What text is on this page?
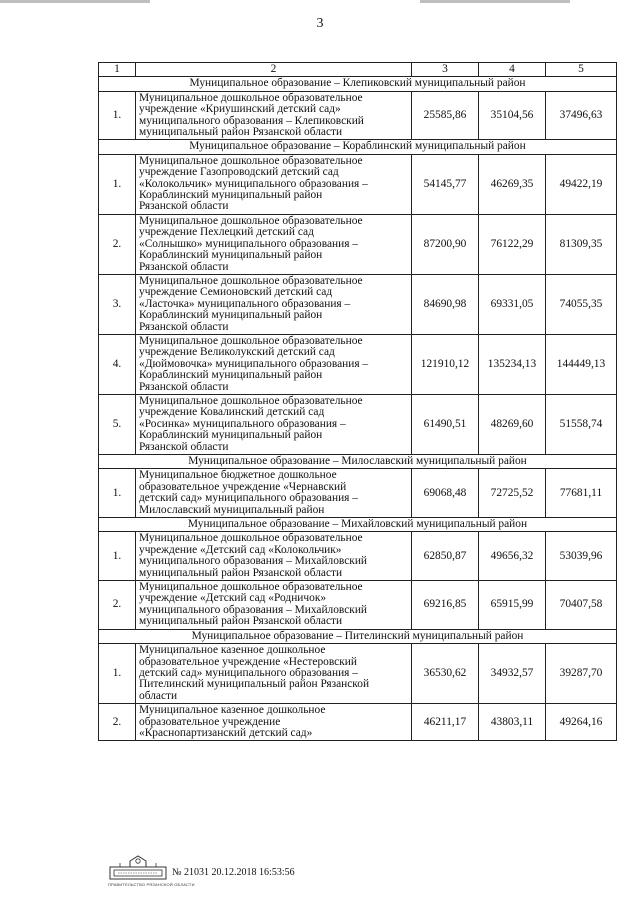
3
1	2	3	4	5
Муниципальное образование – Клепиковский муниципальный район				
1.	Муниципальное дошкольное образовательное
учреждение «Криушинский детский сад»
муниципального образования – Клепиковский
муниципальный район Рязанской области	25585,86	35104,56	37496,63
Муниципальное образование – Кораблинский муниципальный район				
1.	Муниципальное дошкольное образовательное
учреждение Газопроводский детский сад
«Колокольчик» муниципального образования –
Кораблинский муниципальный район
Рязанской области	54145,77	46269,35	49422,19
2.	Муниципальное дошкольное образовательное
учреждение Пехлецкий детский сад
«Солнышко» муниципального образования –
Кораблинский муниципальный район
Рязанской области	87200,90	76122,29	81309,35
3.	Муниципальное дошкольное образовательное
учреждение Семионовский детский сад
«Ласточка» муниципального образования –
Кораблинский муниципальный район
Рязанской области	84690,98	69331,05	74055,35
4.	Муниципальное дошкольное образовательное
учреждение Великолукский детский сад
«Дюймовочка» муниципального образования –
Кораблинский муниципальный район
Рязанской области	121910,12	135234,13	144449,13
5.	Муниципальное дошкольное образовательное
учреждение Ковалинский детский сад
«Росинка» муниципального образования –
Кораблинский муниципальный район
Рязанской области	61490,51	48269,60	51558,74
Муниципальное образование – Милославский муниципальный район				
1.	Муниципальное бюджетное дошкольное
образовательное учреждение «Чернавский
детский сад» муниципального образования –
Милославский муниципальный район	69068,48	72725,52	77681,11
Муниципальное образование – Михайловский муниципальный район				
1.	Муниципальное дошкольное образовательное
учреждение «Детский сад «Колокольчик»
муниципального образования – Михайловский
муниципальный район Рязанской области	62850,87	49656,32	53039,96
2.	Муниципальное дошкольное образовательное
учреждение «Детский сад «Родничок»
муниципального образования – Михайловский
муниципальный район Рязанской области	69216,85	65915,99	70407,58
Муниципальное образование – Пителинский муниципальный район				
1.	Муниципальное казенное дошкольное
образовательное учреждение «Нестеровский
детский сад» муниципального образования –
Пителинский муниципальный район Рязанской
области	36530,62	34932,57	39287,70
2.	Муниципальное казенное дошкольное
образовательное учреждение
«Краснопартизанский детский сад»	46211,17	43803,11	49264,16
ПРАВИТЕЛЬСТВО РЯЗАНСКОЙ ОБЛАСТИ
№ 21031 20.12.2018 16:53:56
